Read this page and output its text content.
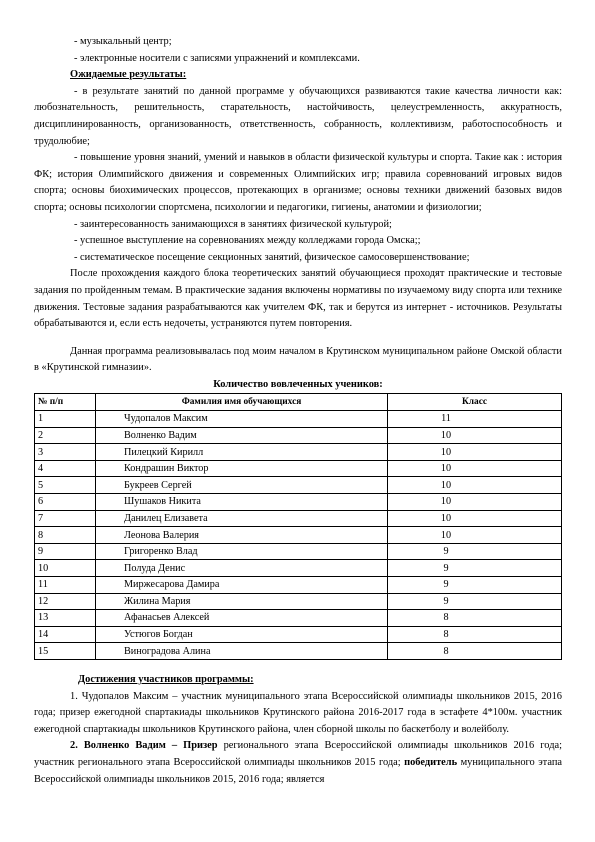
- музыкальный центр;

- электронные носители с записями упражнений и комплексами.

Ожидаемые результаты:

- в результате занятий по данной программе у обучающихся развиваются такие качества личности как: любознательность, решительность, старательность, настойчивость, целеустремленность, аккуратность, дисциплинированность, организованность, ответственность, собранность, коллективизм, работоспособность и трудолюбие;

- повышение уровня знаний, умений и навыков в области физической культуры и спорта. Такие как : история ФК; история Олимпийского движения и современных Олимпийских игр; правила соревнований игровых видов спорта; основы биохимических процессов, протекающих в организме; основы техники движений базовых видов спорта; основы психологии спортсмена, психологии и педагогики, гигиены, анатомии и физиологии;

- заинтересованность занимающихся в занятиях физической культурой;

- успешное выступление на соревнованиях между колледжами города Омска;;

- систематическое посещение секционных занятий, физическое самосовершенствование;

После прохождения каждого блока теоретических занятий обучающиеся проходят практические и тестовые задания по пройденным темам. В практические задания включены нормативы по изучаемому виду спорта или технике движения. Тестовые задания разрабатываются как учителем ФК, так и берутся из интернет - источников. Результаты обрабатываются и, если есть недочеты, устраняются путем повторения.

Данная программа реализовывалась под моим началом в Крутинском муниципальном районе Омской области в «Крутинской гимназии».

Количество вовлеченных учеников:

№ п/п	Фамилия имя обучающихся	Класс
1	Чудопалов Максим	11
2	Волненко Вадим	10
3	Пилецкий Кирилл	10
4	Кондрашин Виктор	10
5	Букреев Сергей	10
6	Шушаков Никита	10
7	Данилец Елизавета	10
8	Леонова Валерия	10
9	Григоренко Влад	9
10	Полуда Денис	9
11	Миржесарова Дамира	9
12	Жилина Мария	9
13	Афанасьев Алексей	8
14	Устюгов Богдан	8
15	Виноградова Алина	8

Достижения участников программы:

1. Чудопалов Максим – участник муниципального этапа Всероссийской олимпиады школьников 2015, 2016 года; призер ежегодной спартакиады школьников Крутинского района 2016-2017 года в эстафете 4*100м. участник ежегодной спартакиады школьников Крутинского района, член сборной школы по баскетболу и волейболу.

2. Волненко Вадим – Призер регионального этапа Всероссийской олимпиады школьников 2016 года; участник регионального этапа Всероссийской олимпиады школьников 2015 года; победитель муниципального этапа Всероссийской олимпиады школьников 2015, 2016 года; является
